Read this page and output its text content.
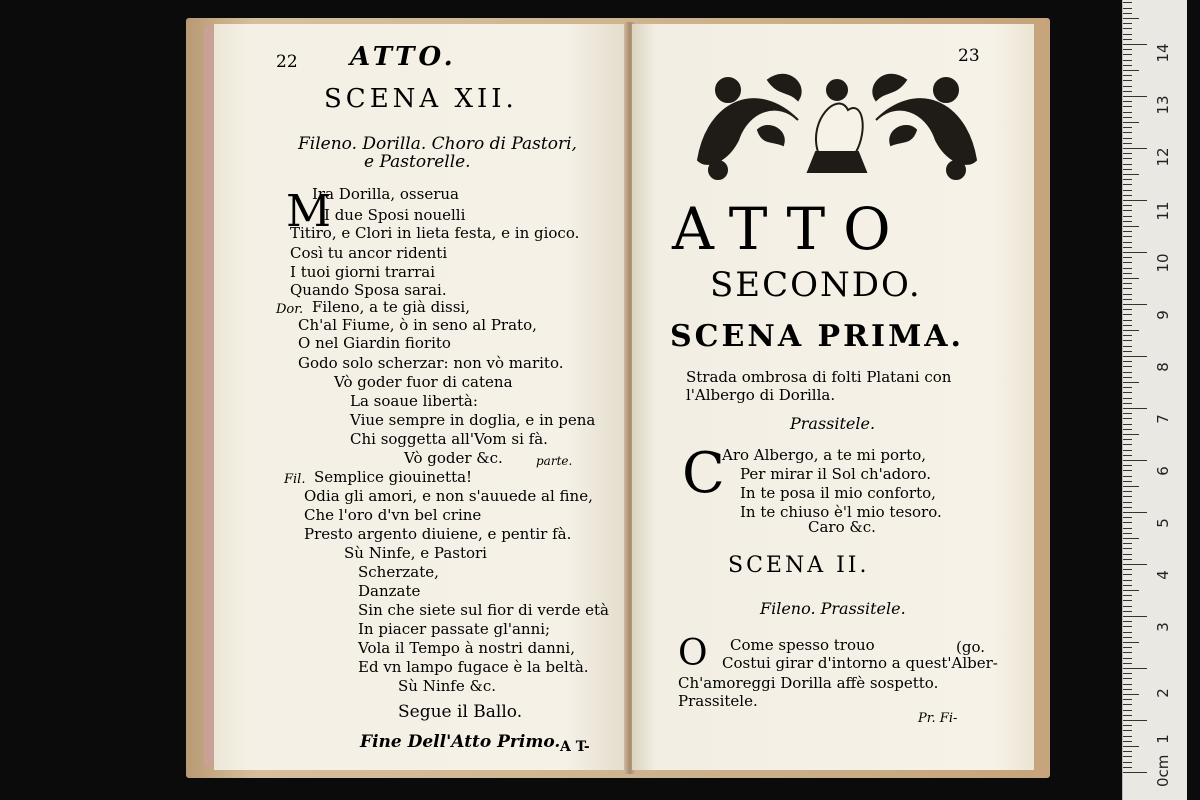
22 ATTO.
SCENA XII.
Fileno. Dorilla. Choro di Pastori,
e Pastorelle.
M
Ira Dorilla, osserua
I due Sposi nouelli
Titiro, e Clori in lieta festa, e in gioco.
Così tu ancor ridenti
I tuoi giorni trarrai
Quando Sposa sarai.
Dor. Fileno, a te già dissi,
Ch'al Fiume, ò in seno al Prato,
O nel Giardin fiorito
Godo solo scherzar: non vò marito.
Vò goder fuor di catena
La soaue libertà:
Viue sempre in doglia, e in pena
Chi soggetta all'Vom si fà.
Vò goder &c.	parte.
Fil. Semplice giouinetta!
Odia gli amori, e non s'auuede al fine,
Che l'oro d'vn bel crine
Presto argento diuiene, e pentir fà.
Sù Ninfe, e Pastori
Scherzate,
Danzate
Sin che siete sul fior di verde età
In piacer passate gl'anni;
Vola il Tempo à nostri danni,
Ed vn lampo fugace è la beltà.
Sù Ninfe &c.
Segue il Ballo.
Fine Dell'Atto Primo. A T-
23
ATTO
SECONDO.
SCENA PRIMA.
Strada ombrosa di folti Platani con
l'Albergo di Dorilla.
Prassitele.
C
Aro Albergo, a te mi porto,
Per mirar il Sol ch'adoro.
In te posa il mio conforto,
In te chiuso è'l mio tesoro.
Caro &c.
SCENA II.
Fileno. Prassitele.
O Come spesso trouo	(go.
Costui girar d'intorno a quest'Alber-
Ch'amoreggi Dorilla affè sospetto.
Prassitele.
Pr. Fi-
0cm
1
2
3
4
5
6
7
8
9
10
11
12
13
14
